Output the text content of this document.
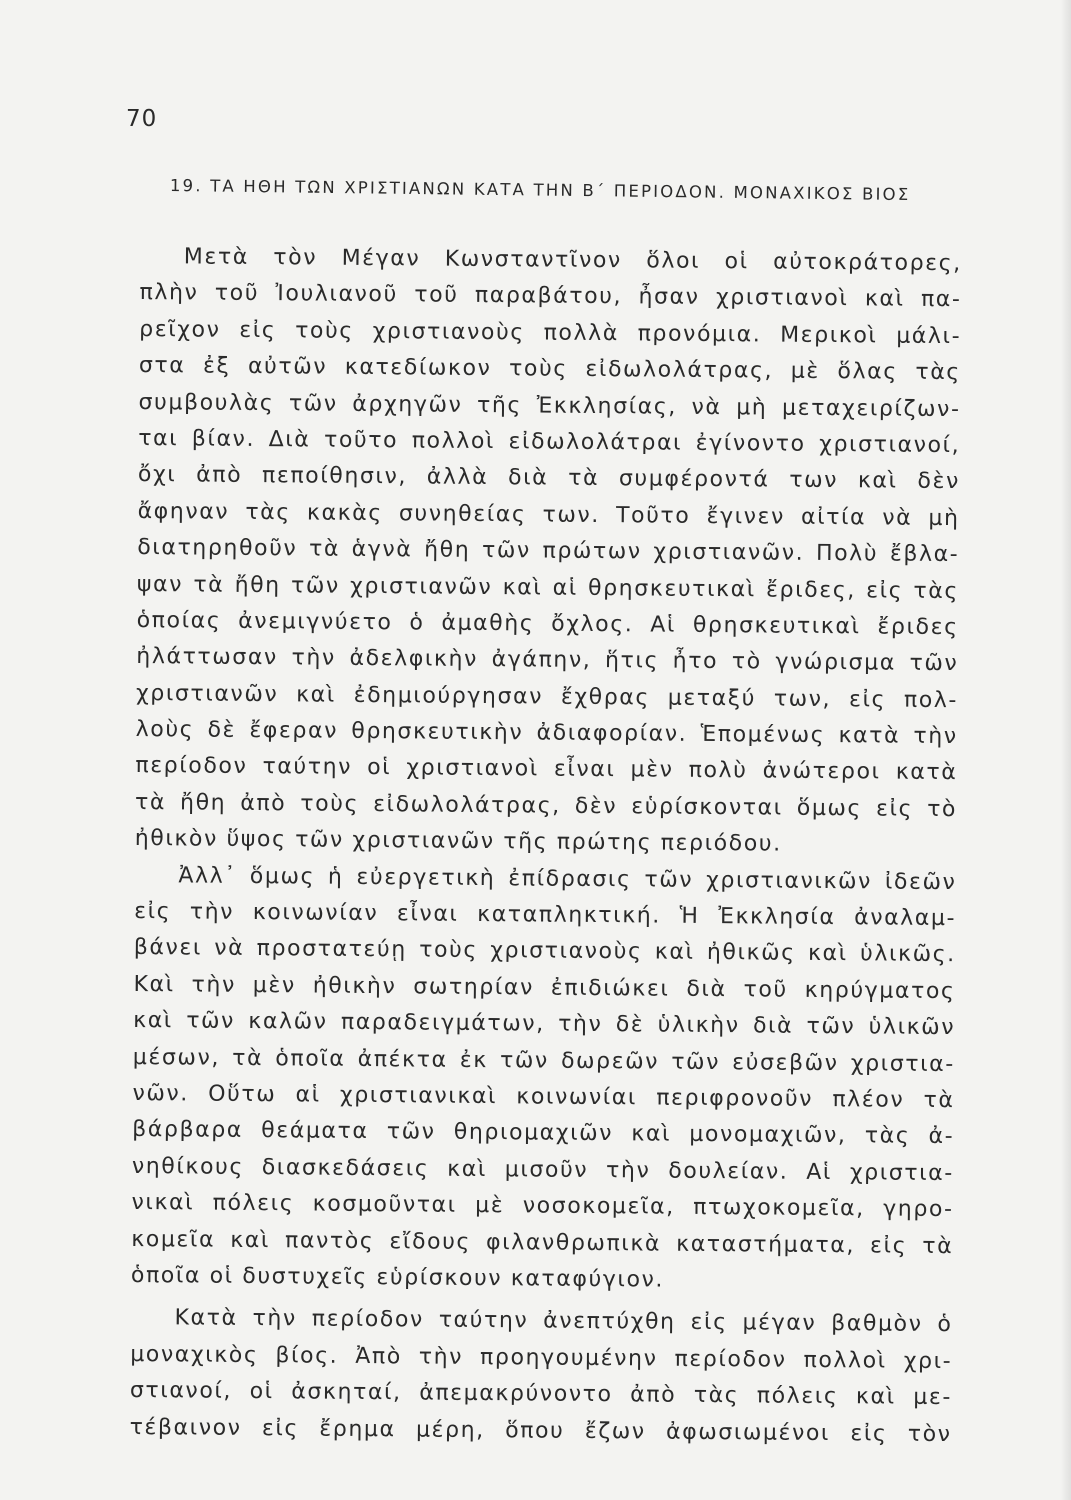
70
19. ΤΑ ΗΘΗ ΤΩΝ ΧΡΙΣΤΙΑΝΩΝ ΚΑΤΑ ΤΗΝ Β΄ ΠΕΡΙΟΔΟΝ. ΜΟΝΑΧΙΚΟΣ ΒΙΟΣ
Μετὰ τὸν Μέγαν Κωνσταντῖνον ὅλοι οἱ αὐτοκράτορες,
πλὴν τοῦ Ἰουλιανοῦ τοῦ παραβάτου, ἦσαν χριστιανοὶ καὶ πα-
ρεῖχον εἰς τοὺς χριστιανοὺς πολλὰ προνόμια. Μερικοὶ μάλι-
στα ἐξ αὐτῶν κατεδίωκον τοὺς εἰδωλολάτρας, μὲ ὅλας τὰς
συμβουλὰς τῶν ἀρχηγῶν τῆς Ἐκκλησίας, νὰ μὴ μεταχειρίζων-
ται βίαν. Διὰ τοῦτο πολλοὶ εἰδωλολάτραι ἐγίνοντο χριστιανοί,
ὄχι ἀπὸ πεποίθησιν, ἀλλὰ διὰ τὰ συμφέροντά των καὶ δὲν
ἄφηναν τὰς κακὰς συνηθείας των. Τοῦτο ἔγινεν αἰτία νὰ μὴ
διατηρηθοῦν τὰ ἁγνὰ ἤθη τῶν πρώτων χριστιανῶν. Πολὺ ἔβλα-
ψαν τὰ ἤθη τῶν χριστιανῶν καὶ αἱ θρησκευτικαὶ ἔριδες, εἰς τὰς
ὁποίας ἀνεμιγνύετο ὁ ἀμαθὴς ὄχλος. Αἱ θρησκευτικαὶ ἔριδες
ἠλάττωσαν τὴν ἀδελφικὴν ἀγάπην, ἥτις ἦτο τὸ γνώρισμα τῶν
χριστιανῶν καὶ ἐδημιούργησαν ἔχθρας μεταξύ των, εἰς πολ-
λοὺς δὲ ἔφεραν θρησκευτικὴν ἀδιαφορίαν. Ἑπομένως κατὰ τὴν
περίοδον ταύτην οἱ χριστιανοὶ εἶναι μὲν πολὺ ἀνώτεροι κατὰ
τὰ ἤθη ἀπὸ τοὺς εἰδωλολάτρας, δὲν εὑρίσκονται ὅμως εἰς τὸ
ἠθικὸν ὕψος τῶν χριστιανῶν τῆς πρώτης περιόδου.
Ἀλλ᾽ ὅμως ἡ εὐεργετικὴ ἐπίδρασις τῶν χριστιανικῶν ἰδεῶν
εἰς τὴν κοινωνίαν εἶναι καταπληκτική. Ἡ Ἐκκλησία ἀναλαμ-
βάνει νὰ προστατεύῃ τοὺς χριστιανοὺς καὶ ἠθικῶς καὶ ὑλικῶς.
Καὶ τὴν μὲν ἠθικὴν σωτηρίαν ἐπιδιώκει διὰ τοῦ κηρύγματος
καὶ τῶν καλῶν παραδειγμάτων, τὴν δὲ ὑλικὴν διὰ τῶν ὑλικῶν
μέσων, τὰ ὁποῖα ἀπέκτα ἐκ τῶν δωρεῶν τῶν εὐσεβῶν χριστια-
νῶν. Οὕτω αἱ χριστιανικαὶ κοινωνίαι περιφρονοῦν πλέον τὰ
βάρβαρα θεάματα τῶν θηριομαχιῶν καὶ μονομαχιῶν, τὰς ἀ-
νηθίκους διασκεδάσεις καὶ μισοῦν τὴν δουλείαν. Αἱ χριστια-
νικαὶ πόλεις κοσμοῦνται μὲ νοσοκομεῖα, πτωχοκομεῖα, γηρο-
κομεῖα καὶ παντὸς εἴδους φιλανθρωπικὰ καταστήματα, εἰς τὰ
ὁποῖα οἱ δυστυχεῖς εὑρίσκουν καταφύγιον.
Κατὰ τὴν περίοδον ταύτην ἀνεπτύχθη εἰς μέγαν βαθμὸν ὁ
μοναχικὸς βίος. Ἀπὸ τὴν προηγουμένην περίοδον πολλοὶ χρι-
στιανοί, οἱ ἀσκηταί, ἀπεμακρύνοντο ἀπὸ τὰς πόλεις καὶ με-
τέβαινον εἰς ἔρημα μέρη, ὅπου ἔζων ἀφωσιωμένοι εἰς τὸν
